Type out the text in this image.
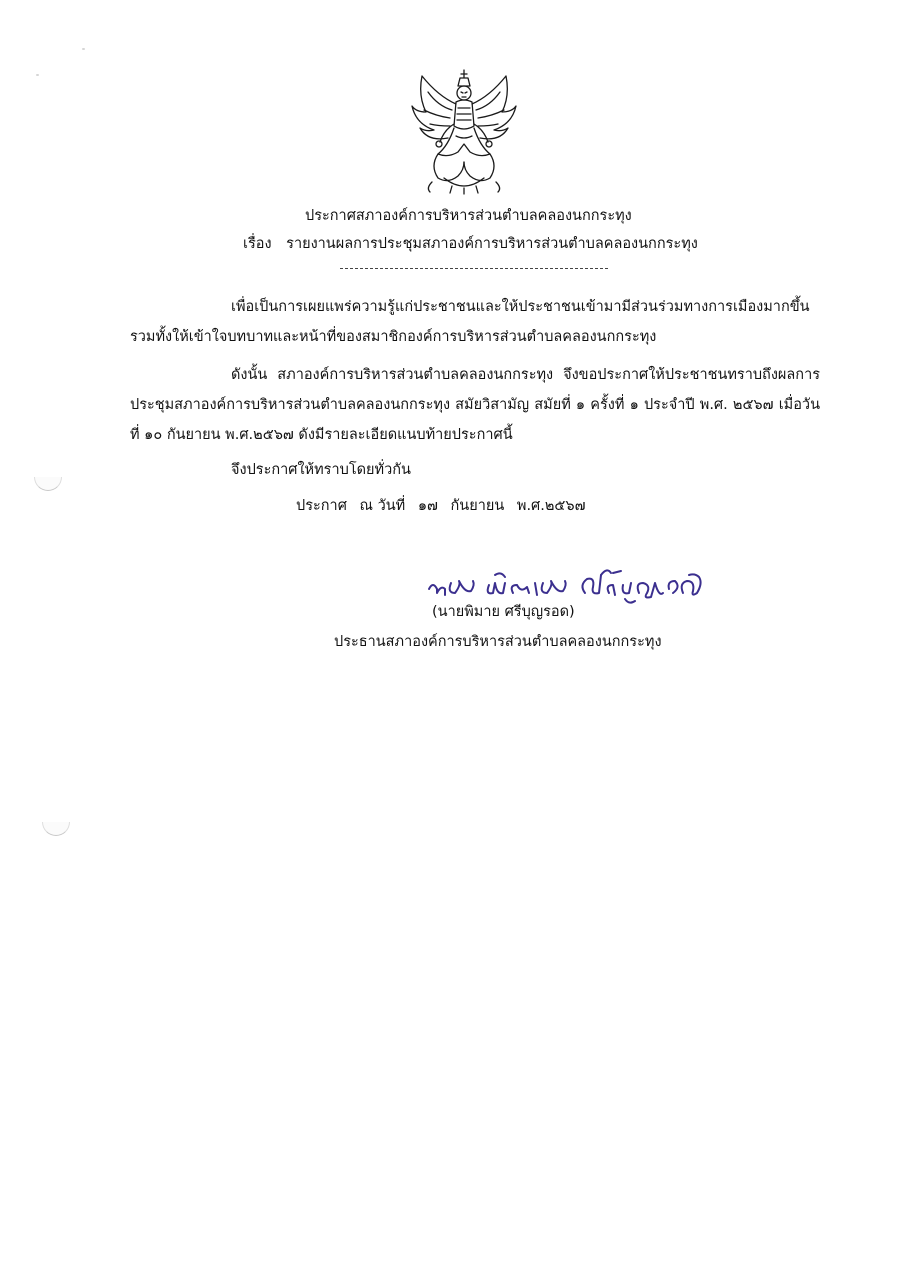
ประกาศสภาองค์การบริหารส่วนตำบลคลองนกกระทุง
เรื่อง รายงานผลการประชุมสภาองค์การบริหารส่วนตำบลคลองนกกระทุง
เพื่อเป็นการเผยแพร่ความรู้แก่ประชาชนและให้ประชาชนเข้ามามีส่วนร่วมทางการเมืองมากขึ้น รวมทั้งให้เข้าใจบทบาทและหน้าที่ของสมาชิกองค์การบริหารส่วนตำบลคลองนกกระทุง
ดังนั้น สภาองค์การบริหารส่วนตำบลคลองนกกระทุง จึงขอประกาศให้ประชาชนทราบถึงผลการประชุมสภาองค์การบริหารส่วนตำบลคลองนกกระทุง สมัยวิสามัญ สมัยที่ ๑ ครั้งที่ ๑ ประจำปี พ.ศ. ๒๕๖๗ เมื่อวันที่ ๑๐ กันยายน พ.ศ.๒๕๖๗ ดังมีรายละเอียดแนบท้ายประกาศนี้
จึงประกาศให้ทราบโดยทั่วกัน
ประกาศ ณ วันที่ ๑๗ กันยายน พ.ศ.๒๕๖๗
(นายพิมาย ศรีบุญรอด)
ประธานสภาองค์การบริหารส่วนตำบลคลองนกกระทุง
